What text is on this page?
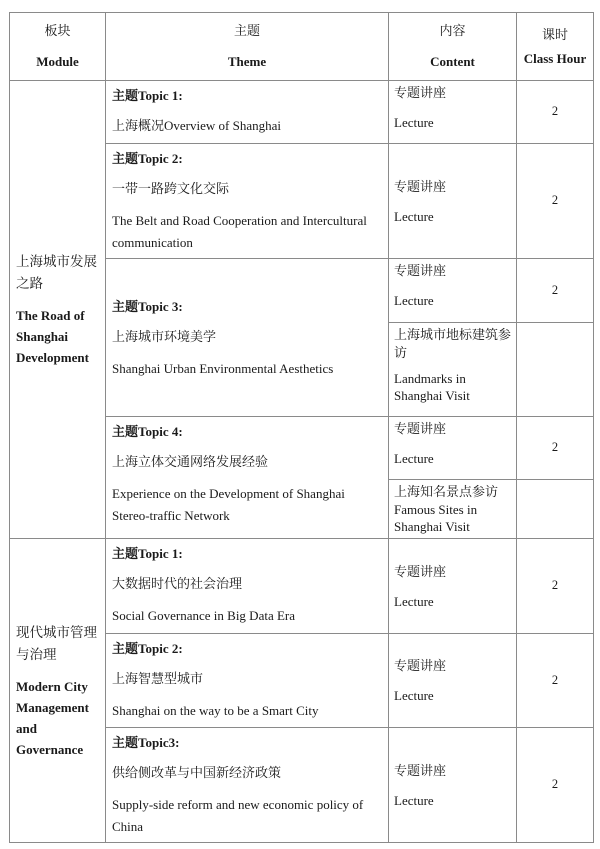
板块
Module	主题
Theme	内容
Content	课时
Class Hour

上海城市发展之路
The Road of Shanghai Development	主题Topic 1:
上海概况Overview of Shanghai	专题讲座
Lecture	2

	主题Topic 2:
一带一路跨文化交际
The Belt and Road Cooperation and Intercultural communication	专题讲座
Lecture	2

	主题Topic 3:
上海城市环境美学
Shanghai Urban Environmental Aesthetics	专题讲座
Lecture	2

		上海城市地标建筑参访
Landmarks in Shanghai Visit	

	主题Topic 4:
上海立体交通网络发展经验
Experience on the Development of Shanghai Stereo-traffic Network	专题讲座
Lecture	2

		上海知名景点参访
Famous Sites in Shanghai Visit	

现代城市管理与治理
Modern City Management and Governance	主题Topic 1:
大数据时代的社会治理
Social Governance in Big Data Era	专题讲座
Lecture	2

	主题Topic 2:
上海智慧型城市
Shanghai on the way to be a Smart City	专题讲座
Lecture	2

	主题Topic3:
供给侧改革与中国新经济政策
Supply-side reform and new economic policy of China	专题讲座
Lecture	2
